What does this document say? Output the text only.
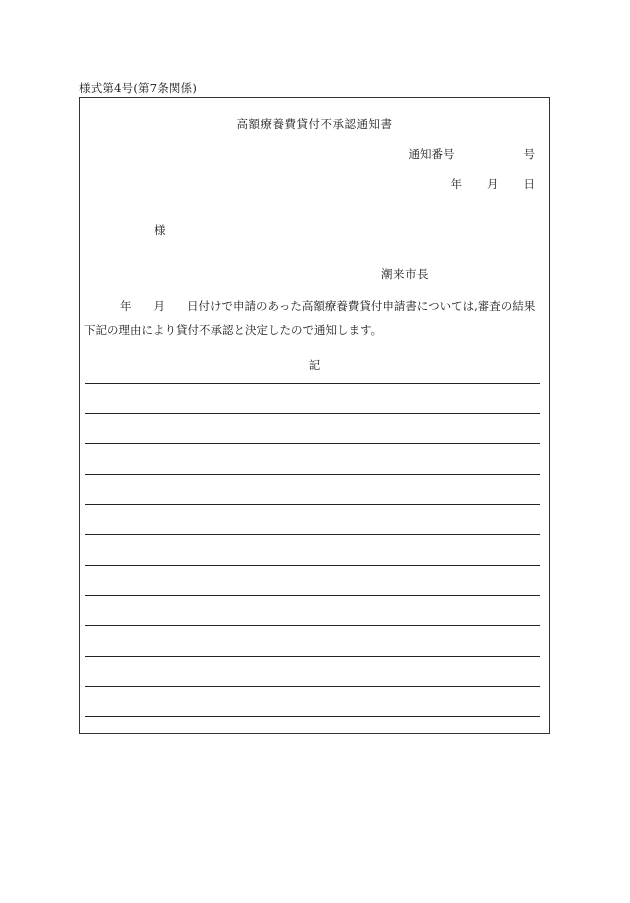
様式第4号(第7条関係)
高額療養費貸付不承認通知書
通知番号	号
年 月 日
様
潮来市長
年 月 日付けで申請のあった高額療養費貸付申請書については,審査の結果
下記の理由により貸付不承認と決定したので通知します。
記
